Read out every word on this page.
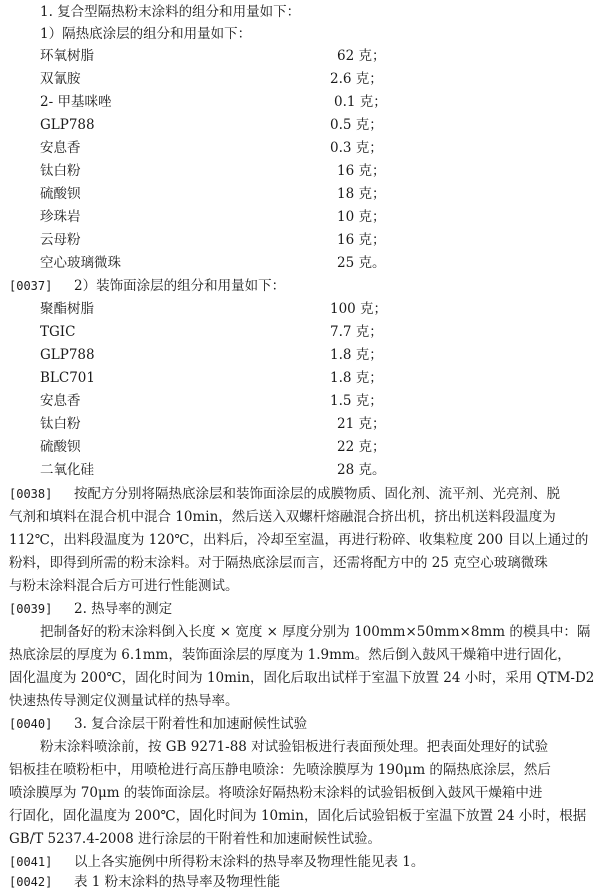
1. 复合型隔热粉末涂料的组分和用量如下：
1）隔热底涂层的组分和用量如下：
环氧树脂	62 克；
双氰胺	2.6 克；
2- 甲基咪唑	0.1 克；
GLP788	0.5 克；
安息香	0.3 克；
钛白粉	16 克；
硫酸钡	18 克；
珍珠岩	10 克；
云母粉	16 克；
空心玻璃微珠	25 克。
[0037] 2）装饰面涂层的组分和用量如下：
聚酯树脂	100 克；
TGIC	7.7 克；
GLP788	1.8 克；
BLC701	1.8 克；
安息香	1.5 克；
钛白粉	21 克；
硫酸钡	22 克；
二氧化硅	28 克。
[0038] 按配方分别将隔热底涂层和装饰面涂层的成膜物质、固化剂、流平剂、光亮剂、脱
气剂和填料在混合机中混合 10min，然后送入双螺杆熔融混合挤出机，挤出机送料段温度为
112℃，出料段温度为 120℃，出料后，冷却至室温，再进行粉碎、收集粒度 200 目以上通过的
粉料，即得到所需的粉末涂料。对于隔热底涂层而言，还需将配方中的 25 克空心玻璃微珠
与粉末涂料混合后方可进行性能测试。
[0039] 2. 热导率的测定
把制备好的粉末涂料倒入长度 × 宽度 × 厚度分别为 100mm×50mm×8mm 的模具中：隔
热底涂层的厚度为 6.1mm，装饰面涂层的厚度为 1.9mm。然后倒入鼓风干燥箱中进行固化，
固化温度为 200℃，固化时间为 10min，固化后取出试样于室温下放置 24 小时，采用 QTM-D2
快速热传导测定仪测量试样的热导率。
[0040] 3. 复合涂层干附着性和加速耐候性试验
粉末涂料喷涂前，按 GB 9271-88 对试验铝板进行表面预处理。把表面处理好的试验
铝板挂在喷粉柜中，用喷枪进行高压静电喷涂：先喷涂膜厚为 190μm 的隔热底涂层，然后
喷涂膜厚为 70μm 的装饰面涂层。将喷涂好隔热粉末涂料的试验铝板倒入鼓风干燥箱中进
行固化，固化温度为 200℃，固化时间为 10min，固化后试验铝板于室温下放置 24 小时，根据
GB/T 5237.4-2008 进行涂层的干附着性和加速耐候性试验。
[0041] 以上各实施例中所得粉末涂料的热导率及物理性能见表 1。
[0042] 表 1 粉末涂料的热导率及物理性能
